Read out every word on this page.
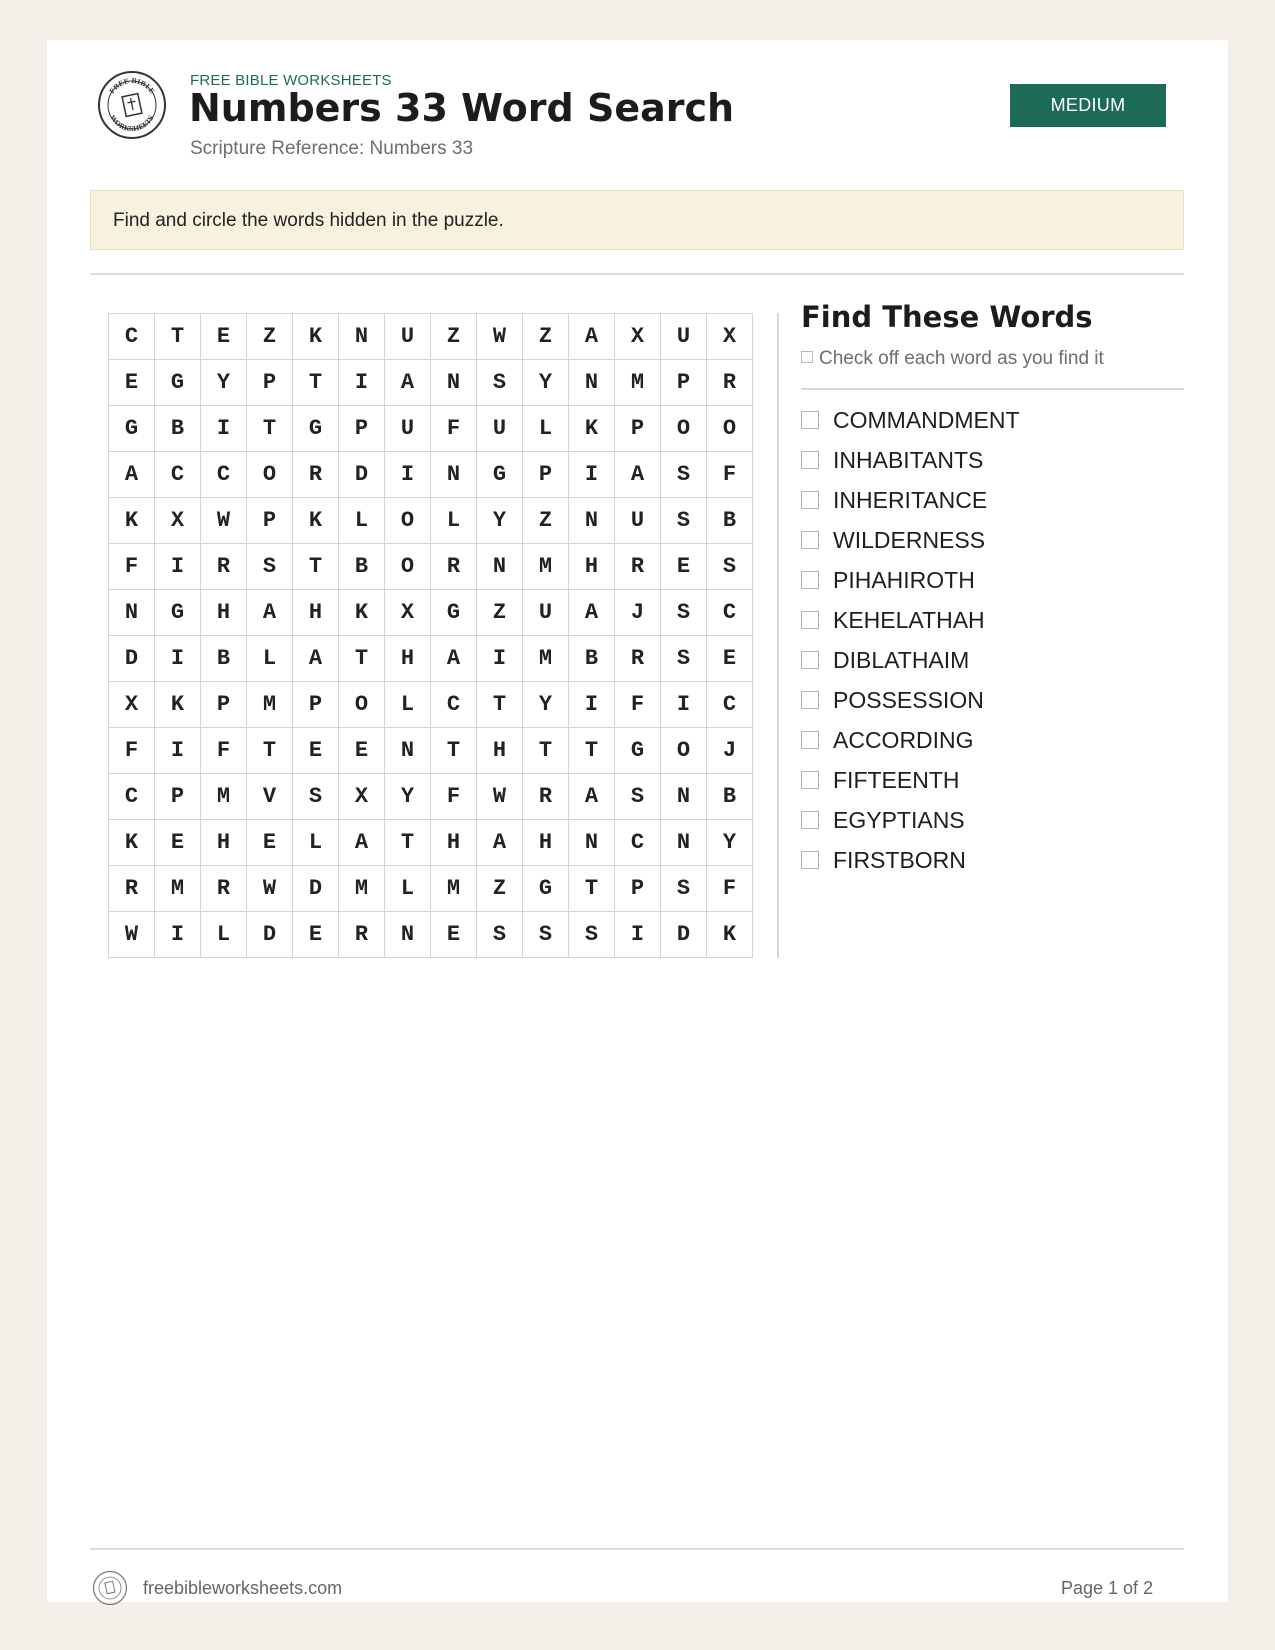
FREE BIBLE
WORKSHEETS
FREE BIBLE WORKSHEETS
Numbers 33 Word Search
Scripture Reference: Numbers 33
MEDIUM
Find and circle the words hidden in the puzzle.
C	T	E	Z	K	N	U	Z	W	Z	A	X	U	X
E	G	Y	P	T	I	A	N	S	Y	N	M	P	R
G	B	I	T	G	P	U	F	U	L	K	P	O	O
A	C	C	O	R	D	I	N	G	P	I	A	S	F
K	X	W	P	K	L	O	L	Y	Z	N	U	S	B
F	I	R	S	T	B	O	R	N	M	H	R	E	S
N	G	H	A	H	K	X	G	Z	U	A	J	S	C
D	I	B	L	A	T	H	A	I	M	B	R	S	E
X	K	P	M	P	O	L	C	T	Y	I	F	I	C
F	I	F	T	E	E	N	T	H	T	T	G	O	J
C	P	M	V	S	X	Y	F	W	R	A	S	N	B
K	E	H	E	L	A	T	H	A	H	N	C	N	Y
R	M	R	W	D	M	L	M	Z	G	T	P	S	F
W	I	L	D	E	R	N	E	S	S	S	I	D	K
Find These Words
Check off each word as you find it
COMMANDMENT
INHABITANTS
INHERITANCE
WILDERNESS
PIHAHIROTH
KEHELATHAH
DIBLATHAIM
POSSESSION
ACCORDING
FIFTEENTH
EGYPTIANS
FIRSTBORN
freebibleworksheets.com	Page 1 of 2
